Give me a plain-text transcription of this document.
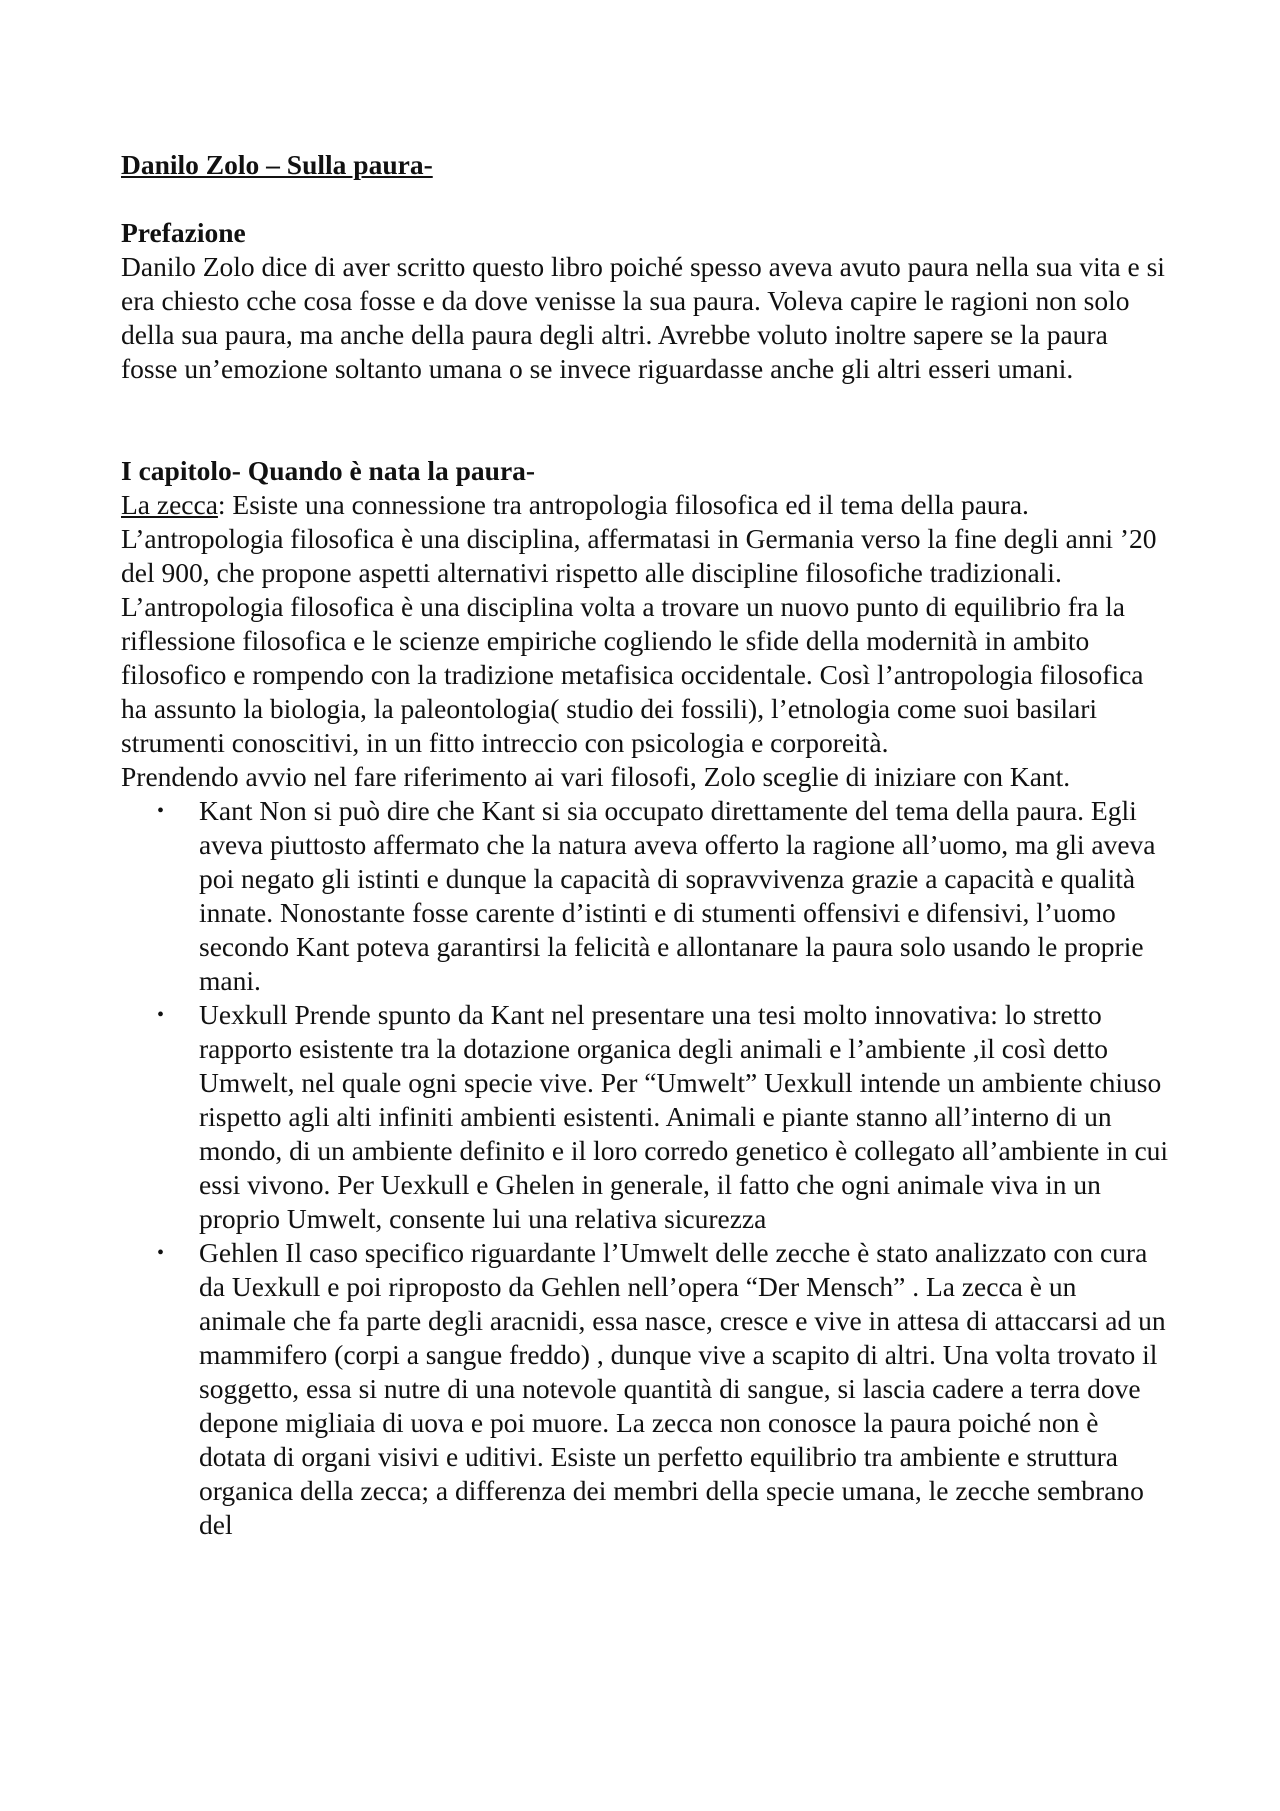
Danilo Zolo – Sulla paura-

Prefazione

Danilo Zolo dice di aver scritto questo libro poiché spesso aveva avuto paura nella sua vita e si era chiesto cche cosa fosse e da dove venisse la sua paura. Voleva capire le ragioni non solo della sua paura, ma anche della paura degli altri. Avrebbe voluto inoltre sapere se la paura fosse un’emozione soltanto umana o se invece riguardasse anche gli altri esseri umani.

I capitolo- Quando è nata la paura-

La zecca: Esiste una connessione tra antropologia filosofica ed il tema della paura. L’antropologia filosofica è una disciplina, affermatasi in Germania verso la fine degli anni ’20 del 900, che propone aspetti alternativi rispetto alle discipline filosofiche tradizionali. L’antropologia filosofica è una disciplina volta a trovare un nuovo punto di equilibrio fra la riflessione filosofica e le scienze empiriche cogliendo le sfide della modernità in ambito filosofico e rompendo con la tradizione metafisica occidentale. Così l’antropologia filosofica ha assunto la biologia, la paleontologia( studio dei fossili), l’etnologia come suoi basilari strumenti conoscitivi, in un fitto intreccio con psicologia e corporeità.

Prendendo avvio nel fare riferimento ai vari filosofi, Zolo sceglie di iniziare con Kant.

• Kant Non si può dire che Kant si sia occupato direttamente del tema della paura. Egli aveva piuttosto affermato che la natura aveva offerto la ragione all’uomo, ma gli aveva poi negato gli istinti e dunque la capacità di sopravvivenza grazie a capacità e qualità innate. Nonostante fosse carente d’istinti e di stumenti offensivi e difensivi, l’uomo secondo Kant poteva garantirsi la felicità e allontanare la paura solo usando le proprie mani.
• Uexkull Prende spunto da Kant nel presentare una tesi molto innovativa: lo stretto rapporto esistente tra la dotazione organica degli animali e l’ambiente ,il così detto Umwelt, nel quale ogni specie vive. Per “Umwelt” Uexkull intende un ambiente chiuso rispetto agli alti infiniti ambienti esistenti. Animali e piante stanno all’interno di un mondo, di un ambiente definito e il loro corredo genetico è collegato all’ambiente in cui essi vivono. Per Uexkull e Ghelen in generale, il fatto che ogni animale viva in un proprio Umwelt, consente lui una relativa sicurezza
• Gehlen Il caso specifico riguardante l’Umwelt delle zecche è stato analizzato con cura da Uexkull e poi riproposto da Gehlen nell’opera “Der Mensch” . La zecca è un animale che fa parte degli aracnidi, essa nasce, cresce e vive in attesa di attaccarsi ad un mammifero (corpi a sangue freddo) , dunque vive a scapito di altri. Una volta trovato il soggetto, essa si nutre di una notevole quantità di sangue, si lascia cadere a terra dove depone migliaia di uova e poi muore. La zecca non conosce la paura poiché non è dotata di organi visivi e uditivi. Esiste un perfetto equilibrio tra ambiente e struttura organica della zecca; a differenza dei membri della specie umana, le zecche sembrano del
